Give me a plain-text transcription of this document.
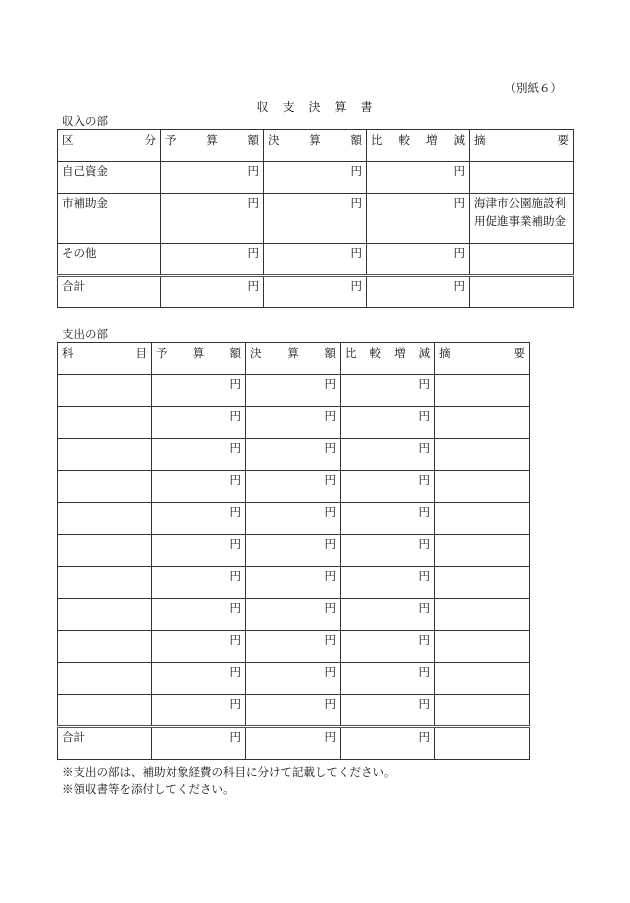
（別紙６）
収　支　決　算　書
収入の部
区 分	予 算 額	決 算 額	比 較 増 減	摘 要

自己資金	円	円	円	
市補助金	円	円	円	海津市公園施設利用促進事業補助金
その他	円	円	円	
合計	円	円	円	
支出の部
科 目	予 算 額	決 算 額	比 較 増 減	摘 要

	円	円	円	
	円	円	円	
	円	円	円	
	円	円	円	
	円	円	円	
	円	円	円	
	円	円	円	
	円	円	円	
	円	円	円	
	円	円	円	
	円	円	円	
合計	円	円	円	
※支出の部は、補助対象経費の科目に分けて記載してください。
※領収書等を添付してください。
